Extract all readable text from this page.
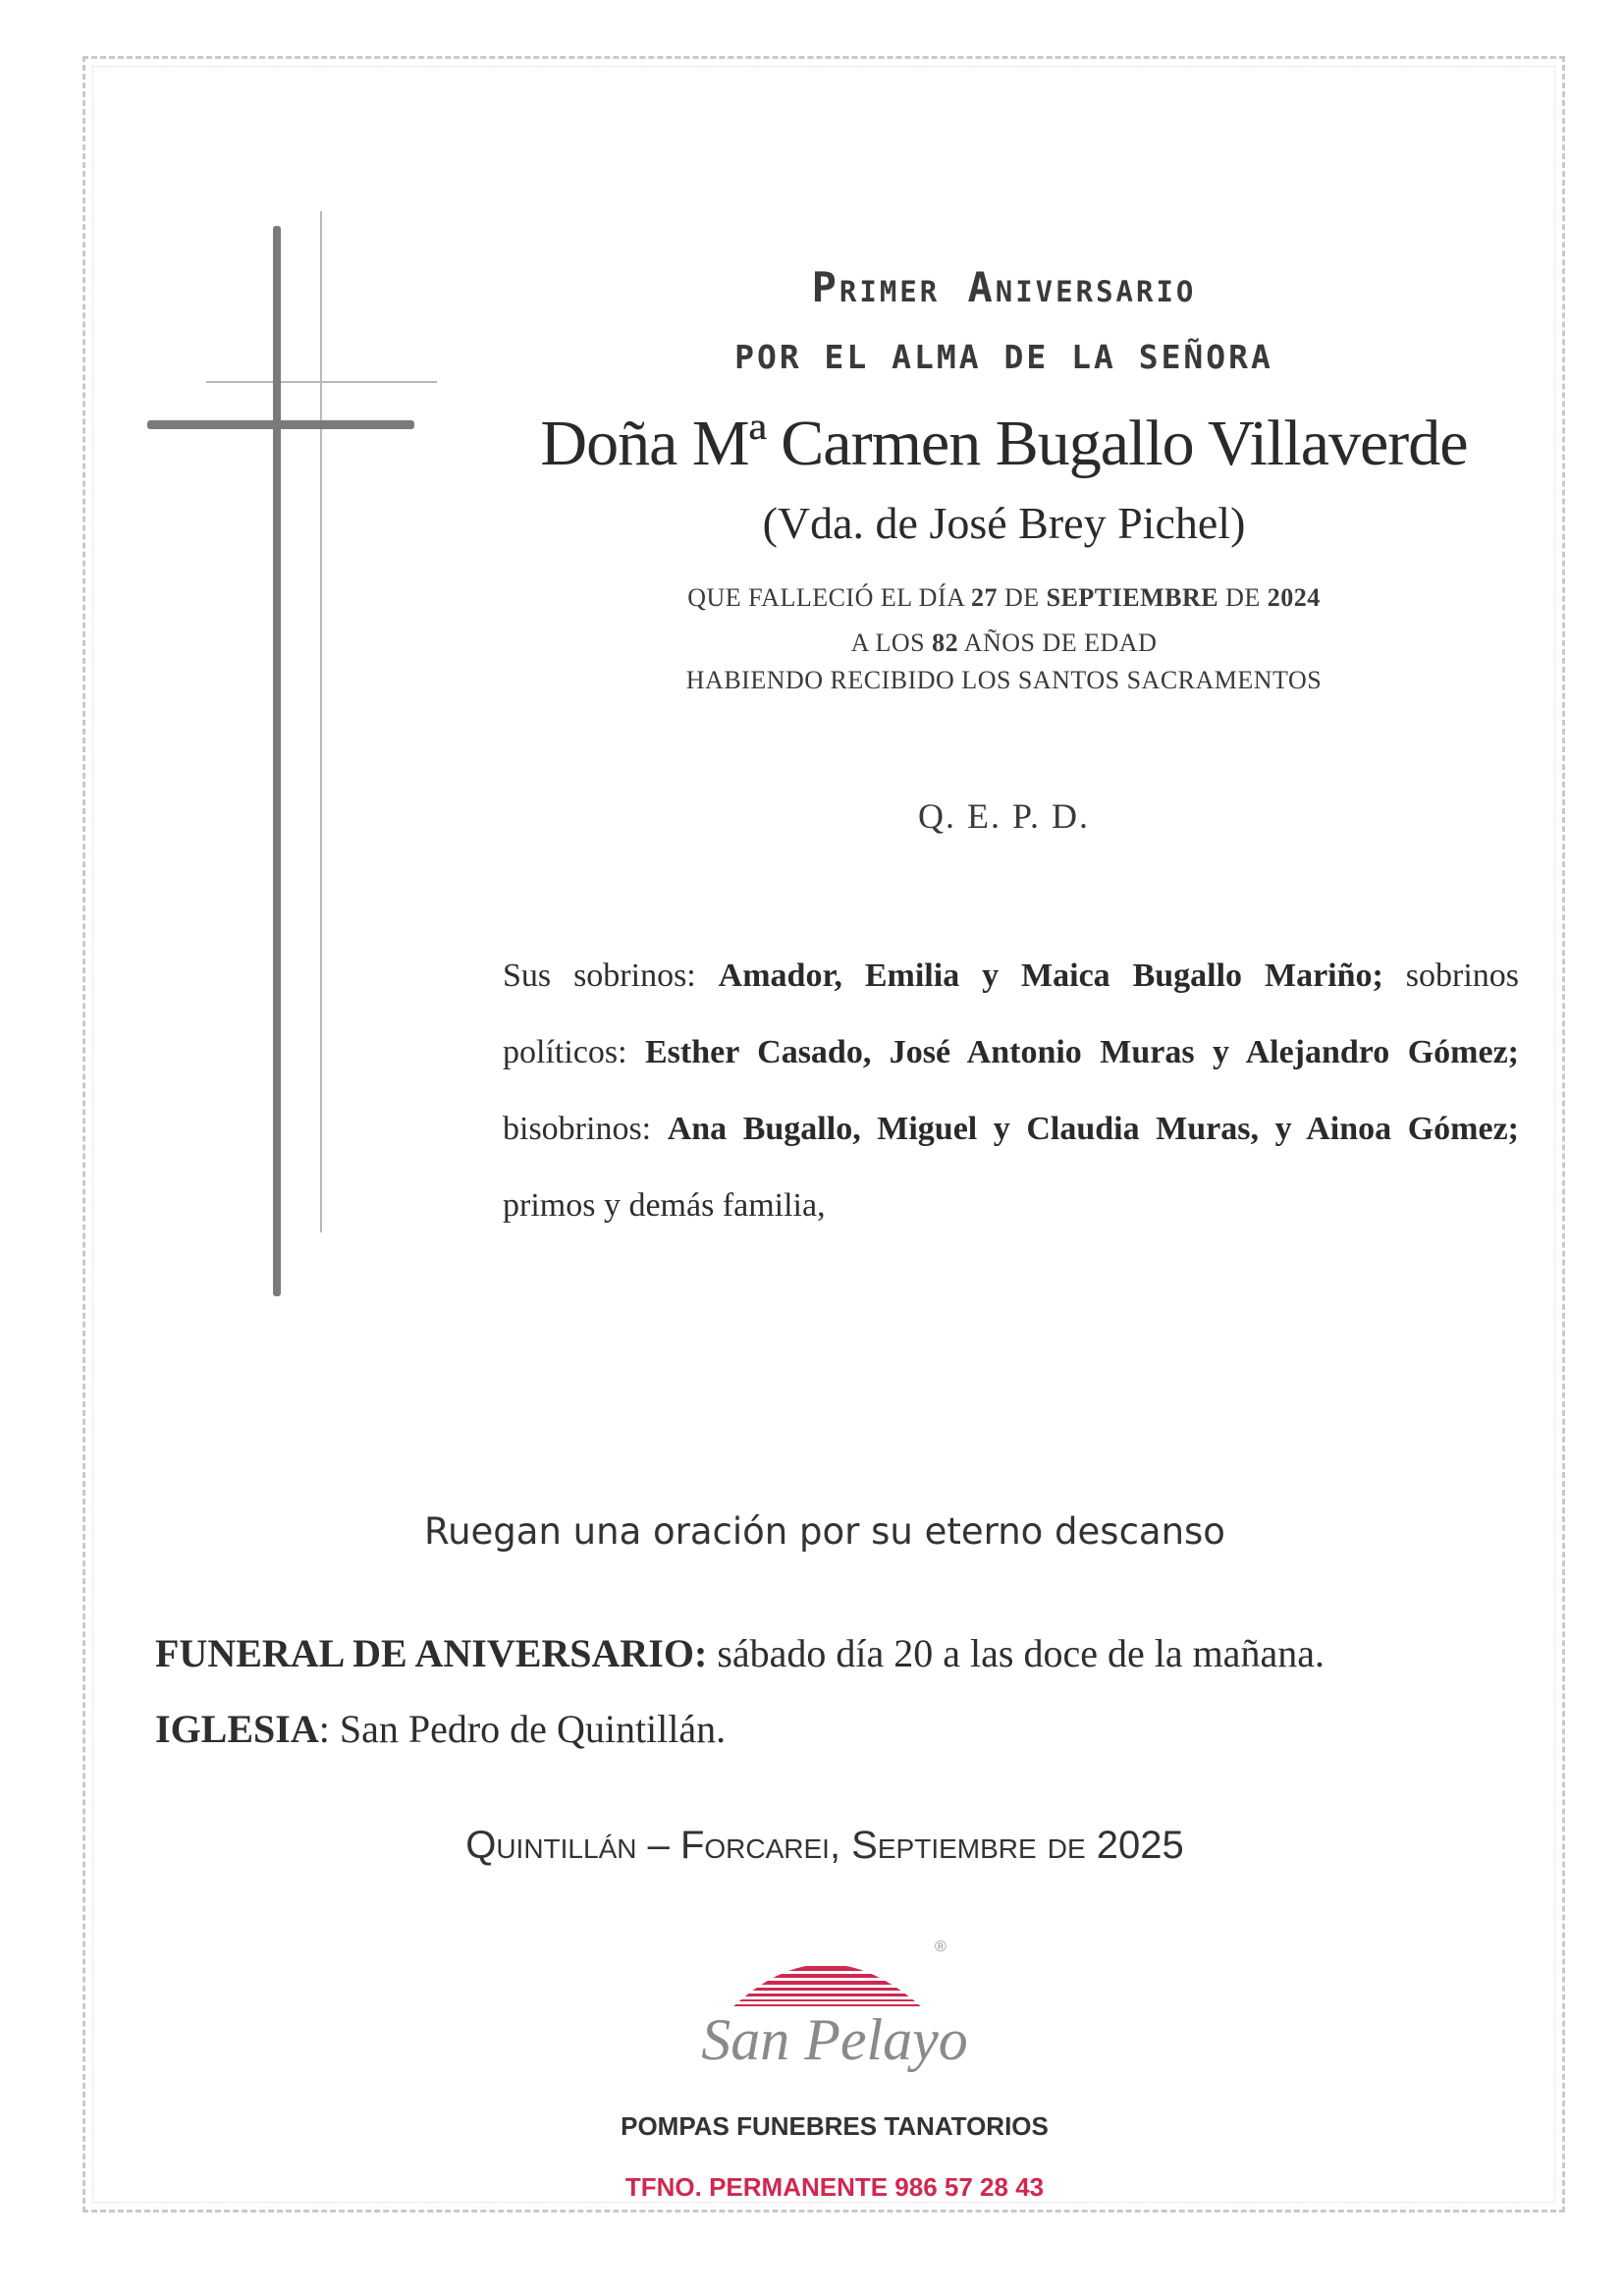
Primer Aniversario
POR EL ALMA DE LA SEÑORA
Doña Mª Carmen Bugallo Villaverde
(Vda. de José Brey Pichel)
QUE FALLECIÓ EL DÍA 27 DE SEPTIEMBRE DE 2024
A LOS 82 AÑOS DE EDAD
HABIENDO RECIBIDO LOS SANTOS SACRAMENTOS
Q. E. P. D.
Sus sobrinos: Amador, Emilia y Maica Bugallo Mariño; sobrinos políticos: Esther Casado, José Antonio Muras y Alejandro Gómez; bisobrinos: Ana Bugallo, Miguel y Claudia Muras, y Ainoa Gómez; primos y demás familia,
Ruegan una oración por su eterno descanso
FUNERAL DE ANIVERSARIO: sábado día 20 a las doce de la mañana.
IGLESIA: San Pedro de Quintillán.
Quintillán – Forcarei, Septiembre de 2025
®
San Pelayo
POMPAS FUNEBRES TANATORIOS
TFNO. PERMANENTE 986 57 28 43
